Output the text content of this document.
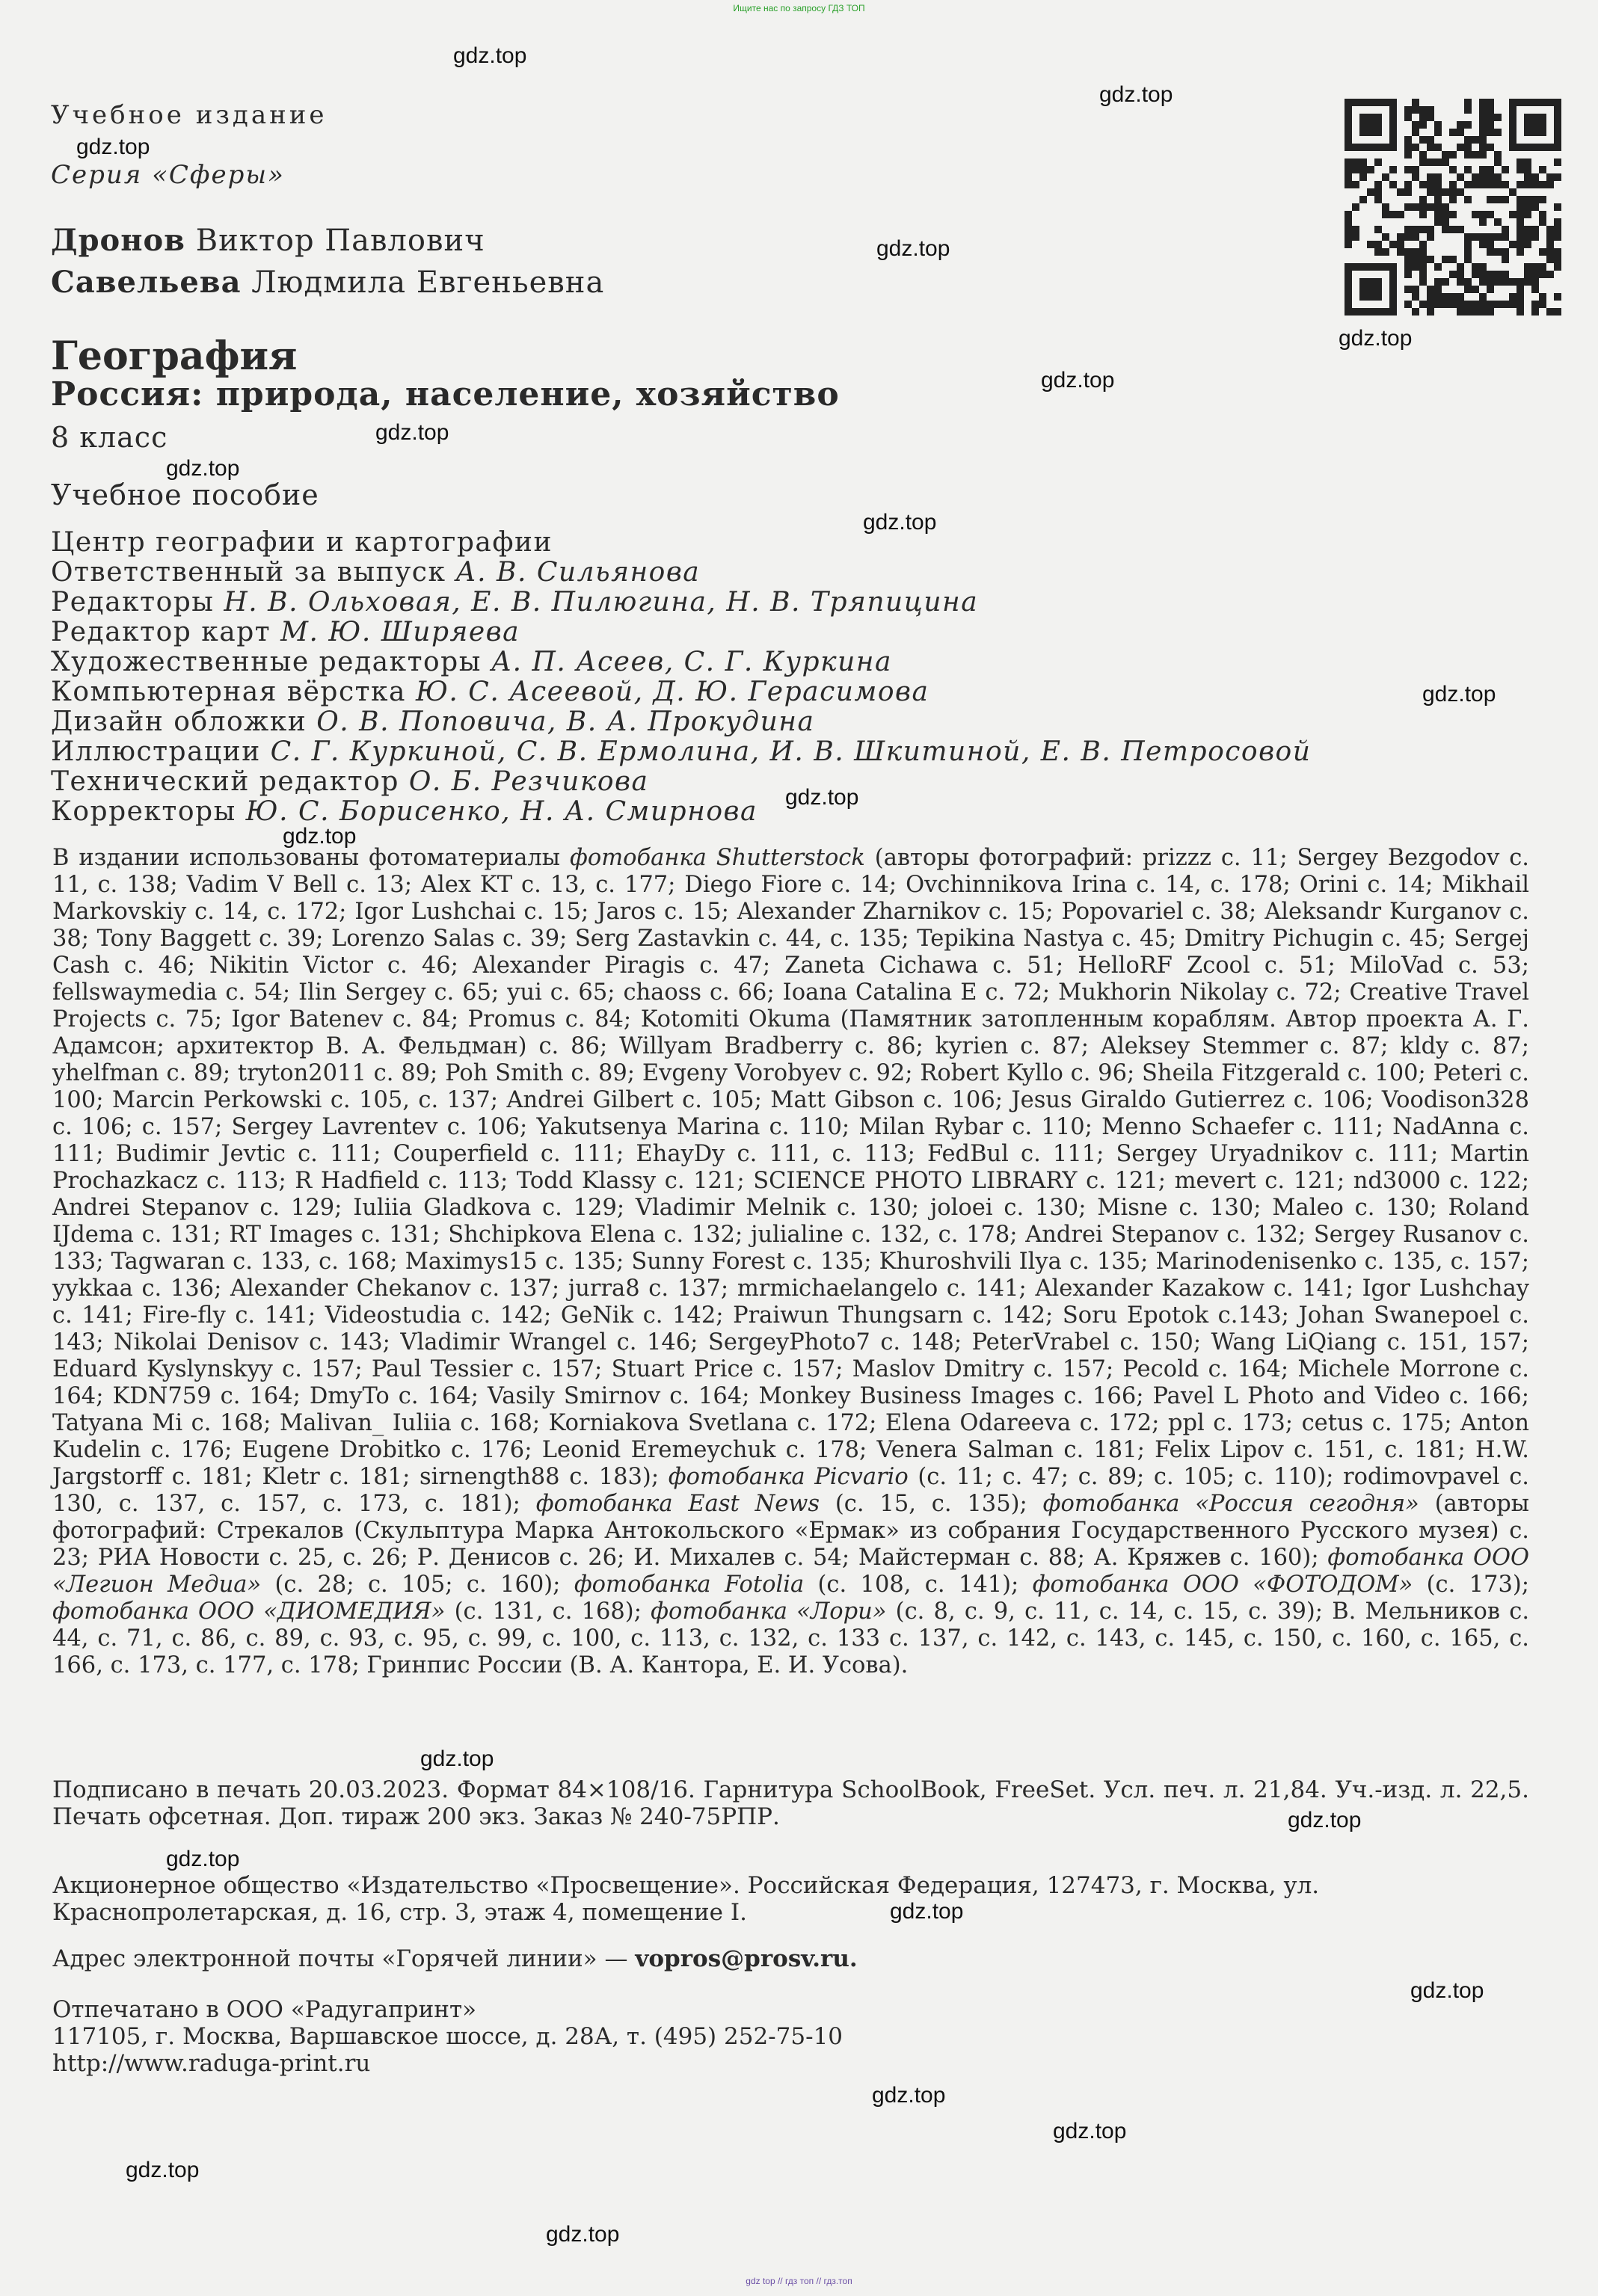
Ищите нас по запросу ГДЗ ТОП
Учебное издание
Серия «Сферы»
Дронов Виктор Павлович
Савельева Людмила Евгеньевна
География
Россия: природа, население, хозяйство
8 класс
Учебное пособие
Центр географии и картографии
Ответственный за выпуск А. В. Сильянова
Редакторы Н. В. Ольховая, Е. В. Пилюгина, Н. В. Тряпицина
Редактор карт М. Ю. Ширяева
Художественные редакторы А. П. Асеев, С. Г. Куркина
Компьютерная вёрстка Ю. С. Асеевой, Д. Ю. Герасимова
Дизайн обложки О. В. Поповича, В. А. Прокудина
Иллюстрации С. Г. Куркиной, С. В. Ермолина, И. В. Шкитиной, Е. В. Петросовой
Технический редактор О. Б. Резчикова
Корректоры Ю. С. Борисенко, Н. А. Смирнова
В издании использованы фотоматериалы фотобанка Shutterstock (авторы фотографий: prizzz с. 11; Sergey Bezgodov с. 11, с. 138; Vadim V Bell с. 13; Alex KT с. 13, с. 177; Diego Fiore с. 14; Ovchinnikova Irina с. 14, с. 178; Orini с. 14; Mikhail Markovskiy с. 14, с. 172; Igor Lushchai с. 15; Jaros с. 15; Alexander Zharnikov с. 15; Popovariel с. 38; Aleksandr Kurganov с. 38; Tony Baggett с. 39; Lorenzo Salas с. 39; Serg Zastavkin с. 44, с. 135; Tepikina Nastya с. 45; Dmitry Pichugin с. 45; Sergej Cash с. 46; Nikitin Victor с. 46; Alexander Piragis с. 47; Zaneta Cichawa с. 51; HelloRF Zcool с. 51; MiloVad с. 53; fellswaymedia с. 54; Ilin Sergey с. 65; yui с. 65; chaoss с. 66; Ioana Catalina E с. 72; Mukhorin Nikolay с. 72; Creative Travel Projects с. 75; Igor Batenev с. 84; Promus с. 84; Kotomiti Okuma (Памятник затопленным кораблям. Автор проекта А. Г. Адамсон; архитектор В. А. Фельдман) с. 86; Willyam Bradberry с. 86; kyrien с. 87; Aleksey Stemmer с. 87; kldy с. 87; yhelfman с. 89; tryton2011 с. 89; Poh Smith с. 89; Evgeny Vorobyev с. 92; Robert Kyllo с. 96; Sheila Fitzgerald с. 100; Peteri с. 100; Marcin Perkowski с. 105, с. 137; Andrei Gilbert с. 105; Matt Gibson с. 106; Jesus Giraldo Gutierrez с. 106; Voodison328 с. 106; с. 157; Sergey Lavrentev с. 106; Yakutsenya Marina с. 110; Milan Rybar с. 110; Menno Schaefer с. 111; NadAnna с. 111; Budimir Jevtic с. 111; Couperfield с. 111; EhayDy с. 111, с. 113; FedBul с. 111; Sergey Uryadnikov с. 111; Martin Prochazkacz с. 113; R Hadfield с. 113; Todd Klassy с. 121; SCIENCE PHOTO LIBRARY с. 121; mevert с. 121; nd3000 с. 122; Andrei Stepanov с. 129; Iuliia Gladkova с. 129; Vladimir Melnik с. 130; joloei с. 130; Misne с. 130; Maleo с. 130; Roland IJdema с. 131; RT Images с. 131; Shchipkova Elena с. 132; julialine с. 132, с. 178; Andrei Stepanov с. 132; Sergey Rusanov с. 133; Tagwaran с. 133, с. 168; Maximys15 с. 135; Sunny Forest с. 135; Khuroshvili Ilya с. 135; Marinodenisenko с. 135, с. 157; yykkaa с. 136; Alexander Chekanov с. 137; jurra8 с. 137; mrmichaelangelo с. 141; Alexander Kazakow с. 141; Igor Lushchay с. 141; Fire-fly с. 141; Videostudia с. 142; GeNik с. 142; Praiwun Thungsarn с. 142; Soru Epotok с.143; Johan Swanepoel с. 143; Nikolai Denisov с. 143; Vladimir Wrangel с. 146; SergeyPhoto7 с. 148; PeterVrabel с. 150; Wang LiQiang с. 151, 157; Eduard Kyslynskyy с. 157; Paul Tessier с. 157; Stuart Price с. 157; Maslov Dmitry с. 157; Pecold с. 164; Michele Morrone с. 164; KDN759 с. 164; DmyTo с. 164; Vasily Smirnov с. 164; Monkey Business Images с. 166; Pavel L Photo and Video с. 166; Tatyana Mi с. 168; Malivan_ Iuliia с. 168; Korniakova Svetlana с. 172; Elena Odareeva с. 172; ppl с. 173; cetus с. 175; Anton Kudelin с. 176; Eugene Drobitko с. 176; Leonid Eremeychuk с. 178; Venera Salman с. 181; Felix Lipov с. 151, с. 181; H.W. Jargstorff с. 181; Kletr с. 181; sirnength88 с. 183); фотобанка Picvario (с. 11; с. 47; с. 89; с. 105; с. 110); rodimovpavel с. 130, с. 137, с. 157, с. 173, с. 181); фотобанка East News (с. 15, с. 135); фотобанка «Россия сегодня» (авторы фотографий: Стрекалов (Скульптура Марка Антокольского «Ермак» из собрания Государственного Русского музея) с. 23; РИА Новости с. 25, с. 26; Р. Денисов с. 26; И. Михалев с. 54; Майстерман с. 88; А. Кряжев с. 160); фотобанка ООО «Легион Медиа» (с. 28; с. 105; с. 160); фотобанка Fotolia (с. 108, с. 141); фотобанка ООО «ФОТОДОМ» (с. 173); фотобанка ООО «ДИОМЕДИЯ» (с. 131, с. 168); фотобанка «Лори» (с. 8, с. 9, с. 11, с. 14, с. 15, с. 39); В. Мельников с. 44, с. 71, с. 86, с. 89, с. 93, с. 95, с. 99, с. 100, с. 113, с. 132, с. 133 с. 137, с. 142, с. 143, с. 145, с. 150, с. 160, с. 165, с. 166, с. 173, с. 177, с. 178; Гринпис России (В. А. Кантора, Е. И. Усова).
Подписано в печать 20.03.2023. Формат 84×108/16. Гарнитура SchoolBook, FreeSet. Усл. печ. л. 21,84. Уч.-изд. л. 22,5. Печать офсетная. Доп. тираж 200 экз. Заказ № 240-75РПР.
Акционерное общество «Издательство «Просвещение». Российская Федерация, 127473, г. Москва, ул. Краснопролетарская, д. 16, стр. 3, этаж 4, помещение I.
Адрес электронной почты «Горячей линии» — vopros@prosv.ru.
Отпечатано в ООО «Радугапринт»
117105, г. Москва, Варшавское шоссе, д. 28А, т. (495) 252-75-10
http://www.raduga-print.ru
gdz.top
gdz.top
gdz.top
gdz.top
gdz.top
gdz.top
gdz.top
gdz.top
gdz.top
gdz.top
gdz.top
gdz.top
gdz.top
gdz.top
gdz.top
gdz.top
gdz.top
gdz.top
gdz.top
gdz.top
gdz.top
gdz top // гдз топ // гдз.топ
